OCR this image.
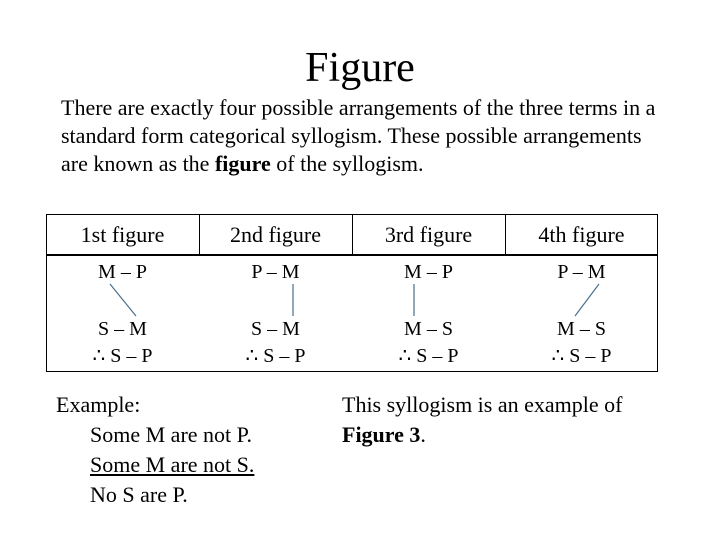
Figure
There are exactly four possible arrangements of the three terms in a standard form categorical syllogism. These possible arrangements are known as the figure of the syllogism.
1st figure
M – P
S – M
∴ S – P
2nd figure
P – M
S – M
∴ S – P
3rd figure
M – P
M – S
∴ S – P
4th figure
P – M
M – S
∴ S – P
Example:
Some M are not P.
Some M are not S.
No S are P.
This syllogism is an example of
Figure 3.
